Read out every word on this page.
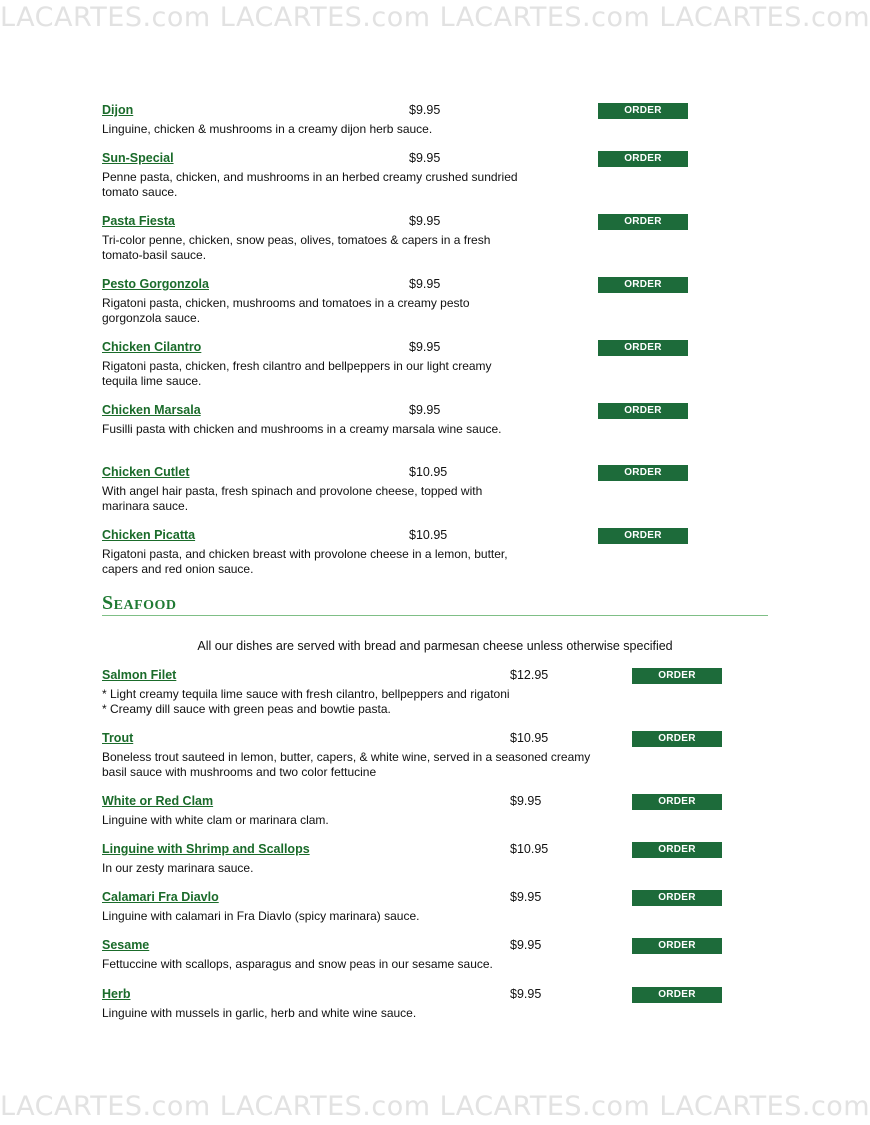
LACARTES.com LACARTES.com LACARTES.com LACARTES.com
Dijon	$9.95	ORDER
Linguine, chicken & mushrooms in a creamy dijon herb sauce.
Sun-Special	$9.95	ORDER
Penne pasta, chicken, and mushrooms in an herbed creamy crushed sundried tomato sauce.
Pasta Fiesta	$9.95	ORDER
Tri-color penne, chicken, snow peas, olives, tomatoes & capers in a fresh tomato-basil sauce.
Pesto Gorgonzola	$9.95	ORDER
Rigatoni pasta, chicken, mushrooms and tomatoes in a creamy pesto gorgonzola sauce.
Chicken Cilantro	$9.95	ORDER
Rigatoni pasta, chicken, fresh cilantro and bellpeppers in our light creamy tequila lime sauce.
Chicken Marsala	$9.95	ORDER
Fusilli pasta with chicken and mushrooms in a creamy marsala wine sauce.
Chicken Cutlet	$10.95	ORDER
With angel hair pasta, fresh spinach and provolone cheese, topped with marinara sauce.
Chicken Picatta	$10.95	ORDER
Rigatoni pasta, and chicken breast with provolone cheese in a lemon, butter, capers and red onion sauce.
Seafood
All our dishes are served with bread and parmesan cheese unless otherwise specified
Salmon Filet	$12.95	ORDER
* Light creamy tequila lime sauce with fresh cilantro, bellpeppers and rigatoni
* Creamy dill sauce with green peas and bowtie pasta.
Trout	$10.95	ORDER
Boneless trout sauteed in lemon, butter, capers, & white wine, served in a seasoned creamy basil sauce with mushrooms and two color fettucine
White or Red Clam	$9.95	ORDER
Linguine with white clam or marinara clam.
Linguine with Shrimp and Scallops	$10.95	ORDER
In our zesty marinara sauce.
Calamari Fra Diavlo	$9.95	ORDER
Linguine with calamari in Fra Diavlo (spicy marinara) sauce.
Sesame	$9.95	ORDER
Fettuccine with scallops, asparagus and snow peas in our sesame sauce.
Herb	$9.95	ORDER
Linguine with mussels in garlic, herb and white wine sauce.
LACARTES.com LACARTES.com LACARTES.com LACARTES.com
